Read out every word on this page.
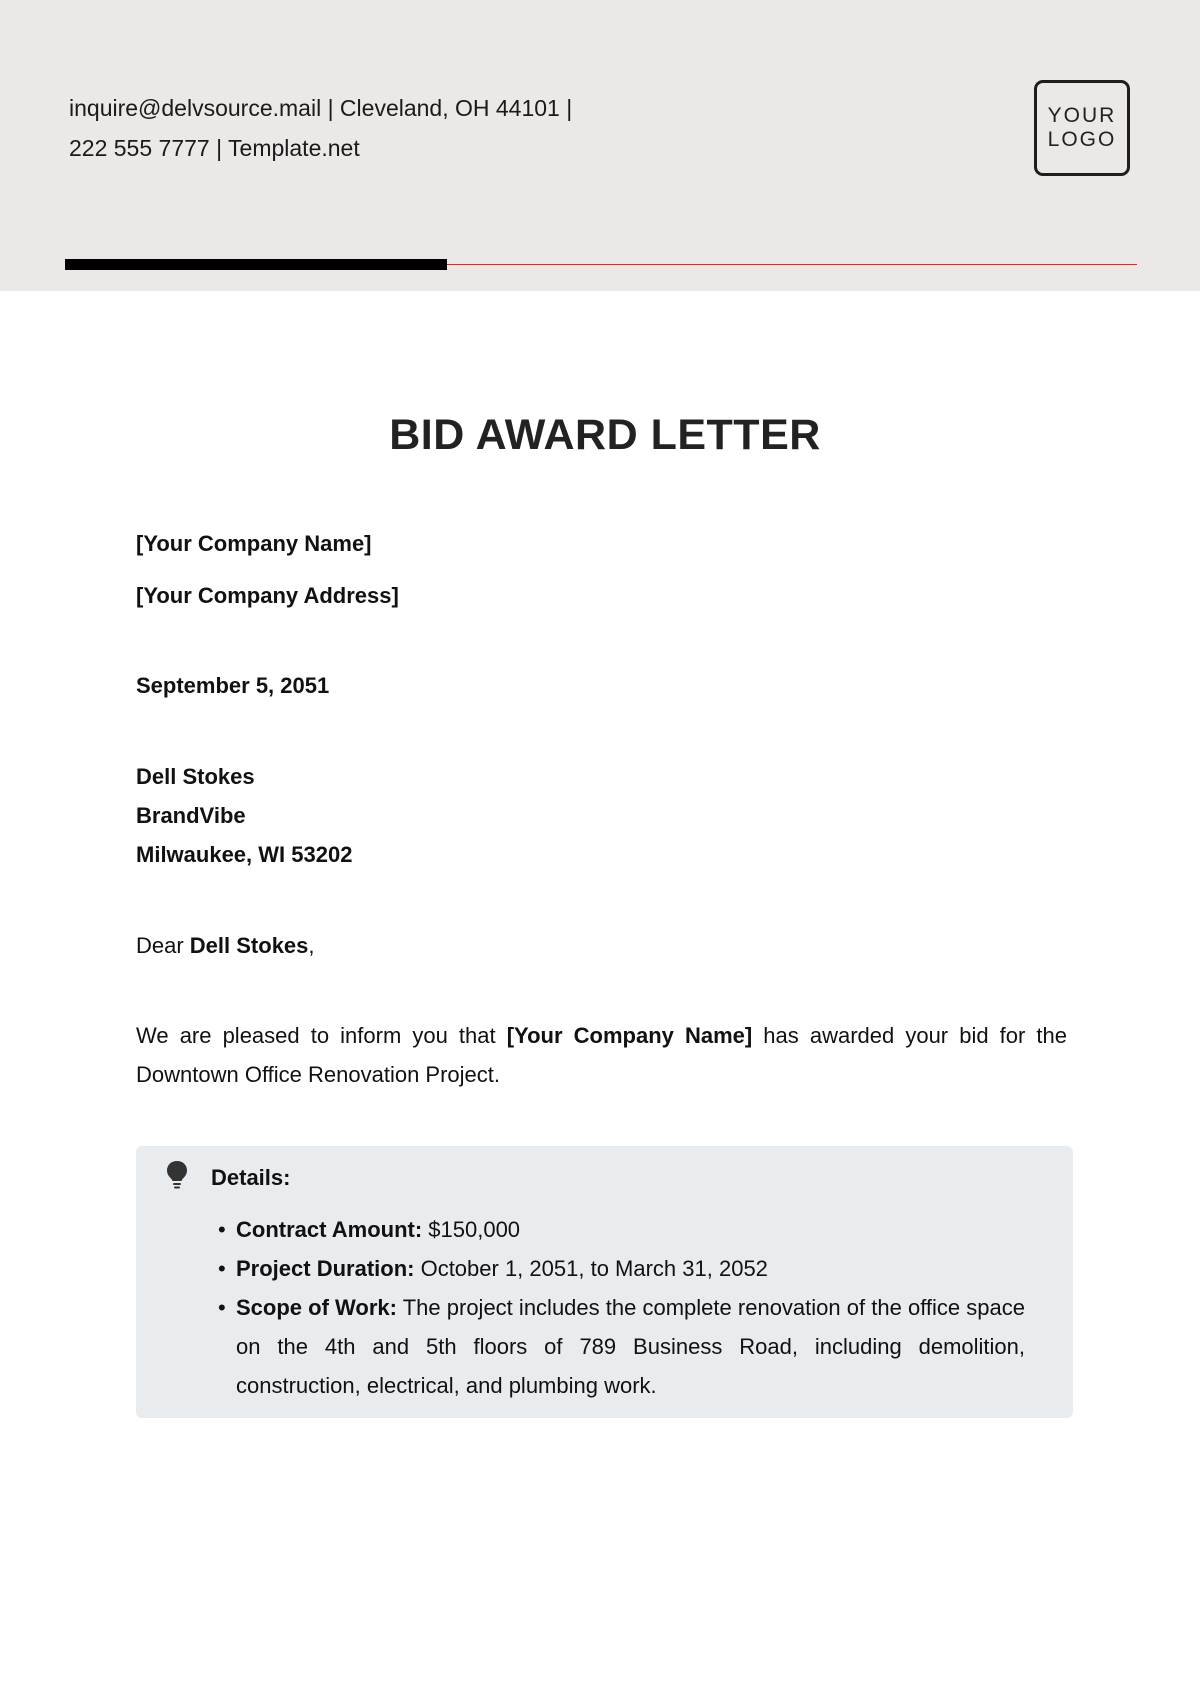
inquire@delvsource.mail | Cleveland, OH 44101 |
222 555 7777 | Template.net
YOUR
LOGO
BID AWARD LETTER
[Your Company Name]
[Your Company Address]
September 5, 2051
Dell Stokes
BrandVibe
Milwaukee, WI 53202
Dear Dell Stokes,
We are pleased to inform you that [Your Company Name] has awarded your bid for the Downtown Office Renovation Project.
Details:
• Contract Amount: $150,000
• Project Duration: October 1, 2051, to March 31, 2052
• Scope of Work: The project includes the complete renovation of the office space on the 4th and 5th floors of 789 Business Road, including demolition, construction, electrical, and plumbing work.
